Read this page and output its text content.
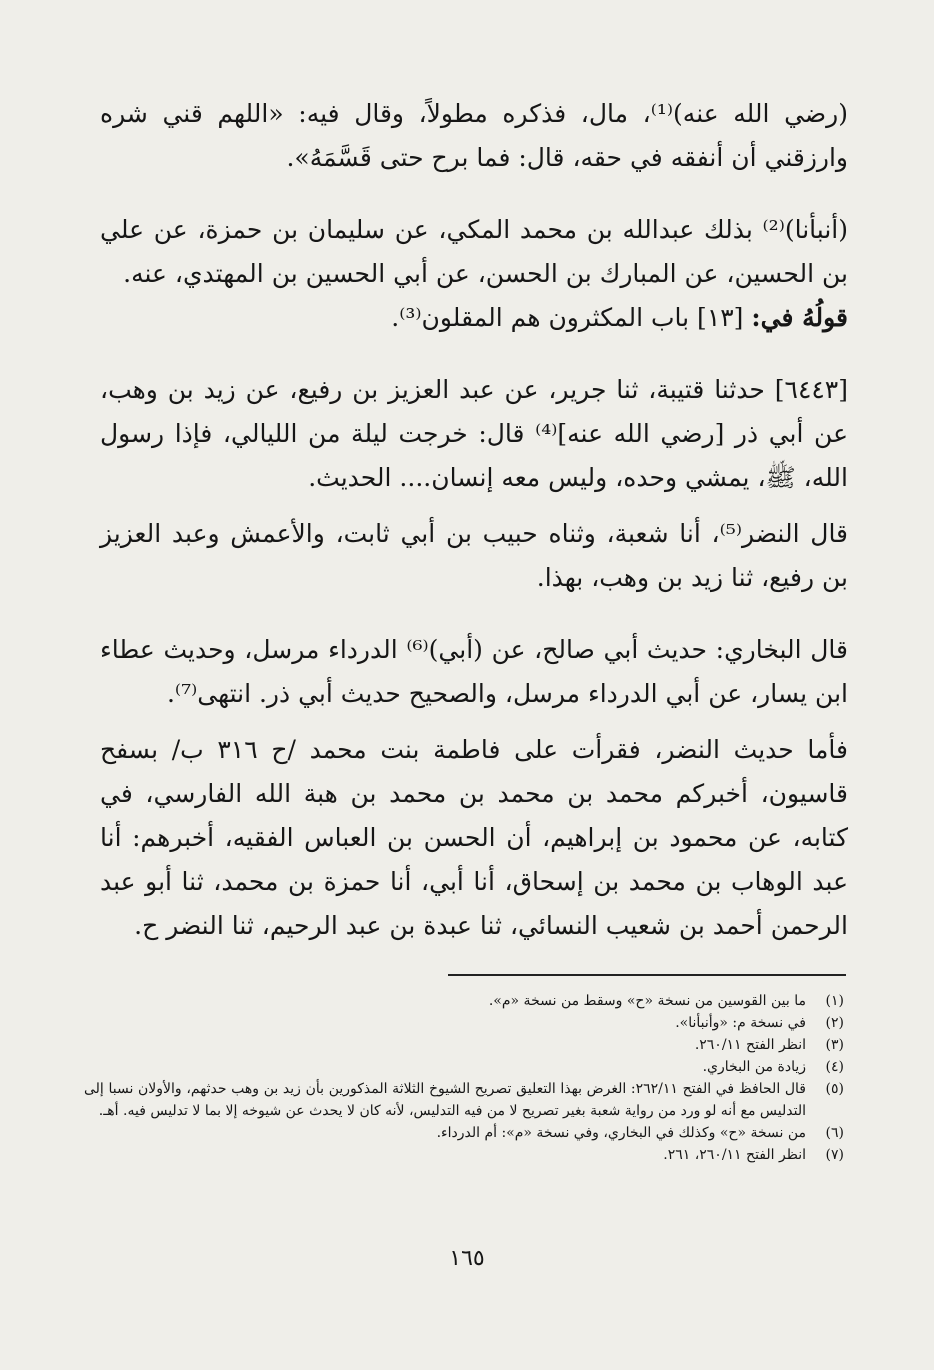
(رضي الله عنه)⁽¹⁾، مال، فذكره مطولاً، وقال فيه: «اللهم قني شره وارزقني أن أنفقه في حقه، قال: فما برح حتى قَسَّمَهُ».

(أنبأنا)⁽²⁾ بذلك عبدالله بن محمد المكي، عن سليمان بن حمزة، عن علي بن الحسين، عن المبارك بن الحسن، عن أبي الحسين بن المهتدي، عنه.

قولُهُ في: [١٣] باب المكثرون هم المقلون⁽³⁾.

[٦٤٤٣] حدثنا قتيبة، ثنا جرير، عن عبد العزيز بن رفيع، عن زيد بن وهب، عن أبي ذر [رضي الله عنه]⁽⁴⁾ قال: خرجت ليلة من الليالي، فإذا رسول الله، ﷺ، يمشي وحده، وليس معه إنسان.... الحديث.

قال النضر⁽⁵⁾، أنا شعبة، وثناه حبيب بن أبي ثابت، والأعمش وعبد العزيز بن رفيع، ثنا زيد بن وهب، بهذا.

قال البخاري: حديث أبي صالح، عن (أبي)⁽⁶⁾ الدرداء مرسل، وحديث عطاء ابن يسار، عن أبي الدرداء مرسل، والصحيح حديث أبي ذر. انتهى⁽⁷⁾.

فأما حديث النضر، فقرأت على فاطمة بنت محمد /ح ٣١٦ ب/ بسفح قاسيون، أخبركم محمد بن محمد بن محمد بن هبة الله الفارسي، في كتابه، عن محمود بن إبراهيم، أن الحسن بن العباس الفقيه، أخبرهم: أنا عبد الوهاب بن محمد بن إسحاق، أنا أبي، أنا حمزة بن محمد، ثنا أبو عبد الرحمن أحمد بن شعيب النسائي، ثنا عبدة بن عبد الرحيم، ثنا النضر ح.

(١)
ما بين القوسين من نسخة «ح» وسقط من نسخة «م».
(٢)
في نسخة م: «وأنبأنا».
(٣)
انظر الفتح ٢٦٠/١١.
(٤)
زيادة من البخاري.
(٥)
قال الحافظ في الفتح ٢٦٢/١١: الغرض بهذا التعليق تصريح الشيوخ الثلاثة المذكورين بأن زيد بن وهب حدثهم، والأولان نسبا إلى التدليس مع أنه لو ورد من رواية شعبة بغير تصريح لا من فيه التدليس، لأنه كان لا يحدث عن شيوخه إلا بما لا تدليس فيه. أهـ.
(٦)
من نسخة «ح» وكذلك في البخاري، وفي نسخة «م»: أم الدرداء.
(٧)
انظر الفتح ٢٦٠/١١، ٢٦١.
١٦٥
